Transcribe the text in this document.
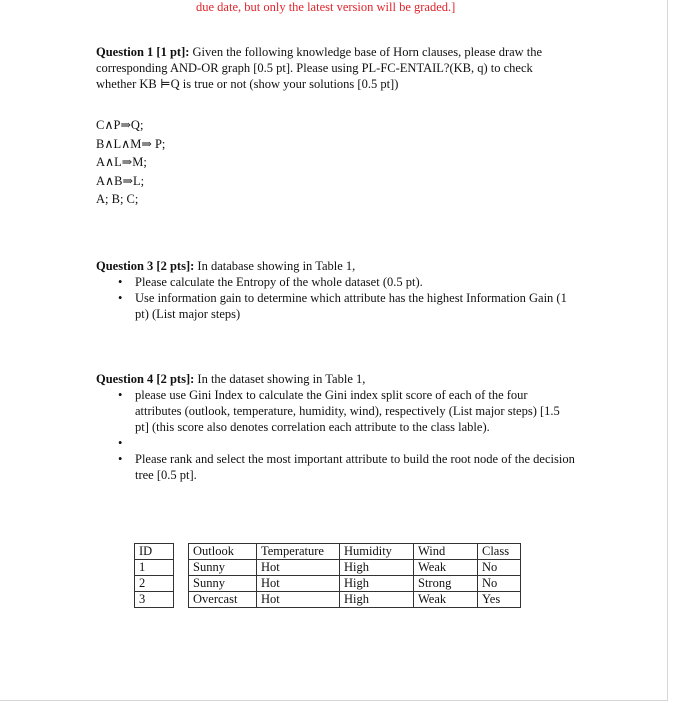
due date, but only the latest version will be graded.]
Question 1 [1 pt]: Given the following knowledge base of Horn clauses, please draw the corresponding AND-OR graph [0.5 pt]. Please using PL-FC-ENTAIL?(KB, q) to check whether KB ⊨Q is true or not (show your solutions [0.5 pt])
C∧P⇒Q;
B∧L∧M⇒ P;
A∧L⇒M;
A∧B⇒L;
A; B; C;
Question 3 [2 pts]: In database showing in Table 1,
• Please calculate the Entropy of the whole dataset (0.5 pt).
• Use information gain to determine which attribute has the highest Information Gain (1 pt) (List major steps)
Question 4 [2 pts]: In the dataset showing in Table 1,
• please use Gini Index to calculate the Gini index split score of each of the four attributes (outlook, temperature, humidity, wind), respectively (List major steps) [1.5 pt] (this score also denotes correlation each attribute to the class lable).
•
• Please rank and select the most important attribute to build the root node of the decision tree [0.5 pt].
ID		Outlook	Temperature	Humidity	Wind	Class
1		Sunny	Hot	High	Weak	No
2		Sunny	Hot	High	Strong	No
3		Overcast	Hot	High	Weak	Yes
